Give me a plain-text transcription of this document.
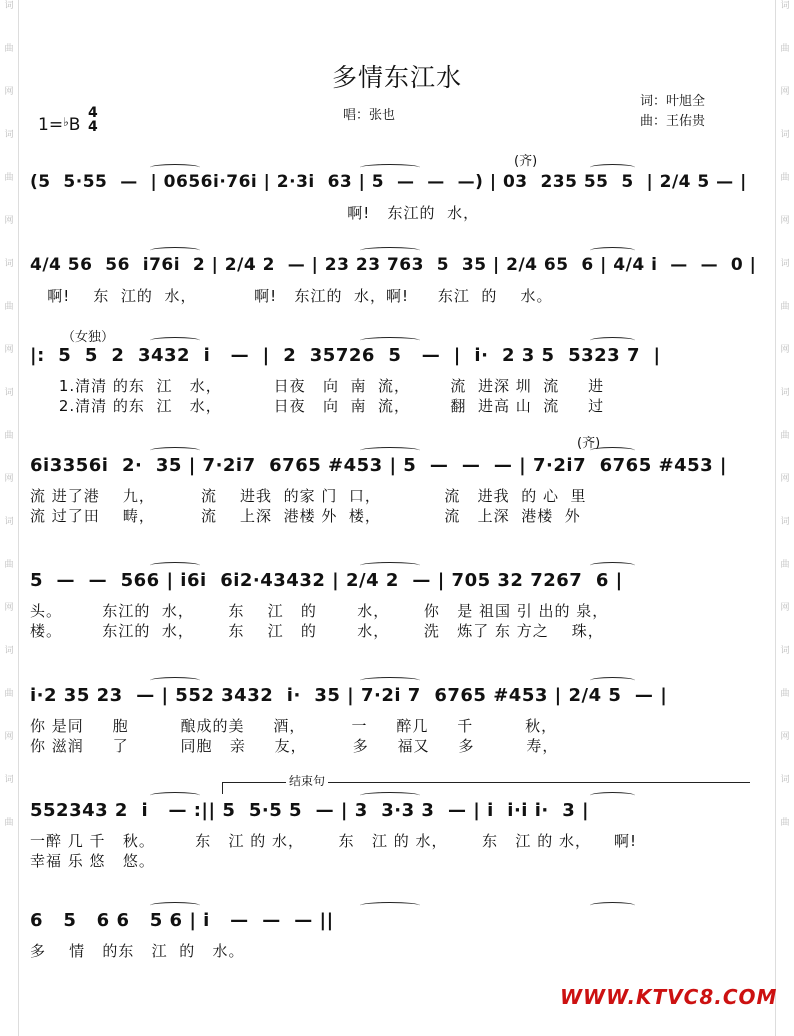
词
曲
网
词
曲
网
词
曲
网
词
曲
网
词
曲
网
词
曲
网
词
曲
词
曲
网
词
曲
网
词
曲
网
词
曲
网
词
曲
网
词
曲
网
词
曲
多情东江水
1=♭B
4
4
唱：张也
词：叶旭全
曲：王佑贵
(齐)
（女独）
(齐)
结束句
(5  5·55  —  | 0656i·76i | 2·3i  63 | 5  —  —  —) | 03  235 55  5  | 2/4 5 — |
啊!   东江的  水，
4/4 56  56  i76i  2 | 2/4 2  — | 23 23 763  5  35 | 2/4 65  6 | 4/4 i  —  —  0 |
啊!    东  江的  水，          啊!   东江的  水，啊!     东江  的    水。
|:  5  5  2  3432  i   —  |  2  35726  5   —  |  i·  2 3 5  5323 7  |
1.清清 的东  江   水，         日夜   向  南  流，       流  进深 圳  流     进
2.清清 的东  江   水，         日夜   向  南  流，       翻  进高 山  流     过
6i3356i  2·  35 | 7·2i7  6765 #453 | 5  —  —  — | 7·2i7  6765 #453 |
流 进了港    九，        流    进我  的家 门  口，           流   进我  的 心  里
流 过了田    畴，        流    上深  港楼 外  楼，           流   上深  港楼  外
5  —  —  566 | i6i  6i2·43432 | 2/4 2  — | 705 32 7267  6 |
头。       东江的  水，      东    江   的       水，      你   是 祖国 引 出的 泉，
楼。       东江的  水，      东    江   的       水，      洗   炼了 东 方之    珠，
i·2 35 23  — | 552 3432  i·  35 | 7·2i 7  6765 #453 | 2/4 5  — |
你 是同     胞         酿成的美     酒，        一     醉几     千         秋，
你 滋润     了         同胞   亲     友，        多     福又     多         寿，
552343 2  i   — :|| 5  5·5 5  — | 3  3·3 3  — | i  i·i i·  3 |
一醉 几 千   秋。       东   江 的 水，      东   江 的 水，      东   江 的 水，    啊!
幸福 乐 悠   悠。
6   5   6 6   5 6 | i   —  —  — ||
多    情   的东   江  的   水。
WWW.KTVC8.COM
